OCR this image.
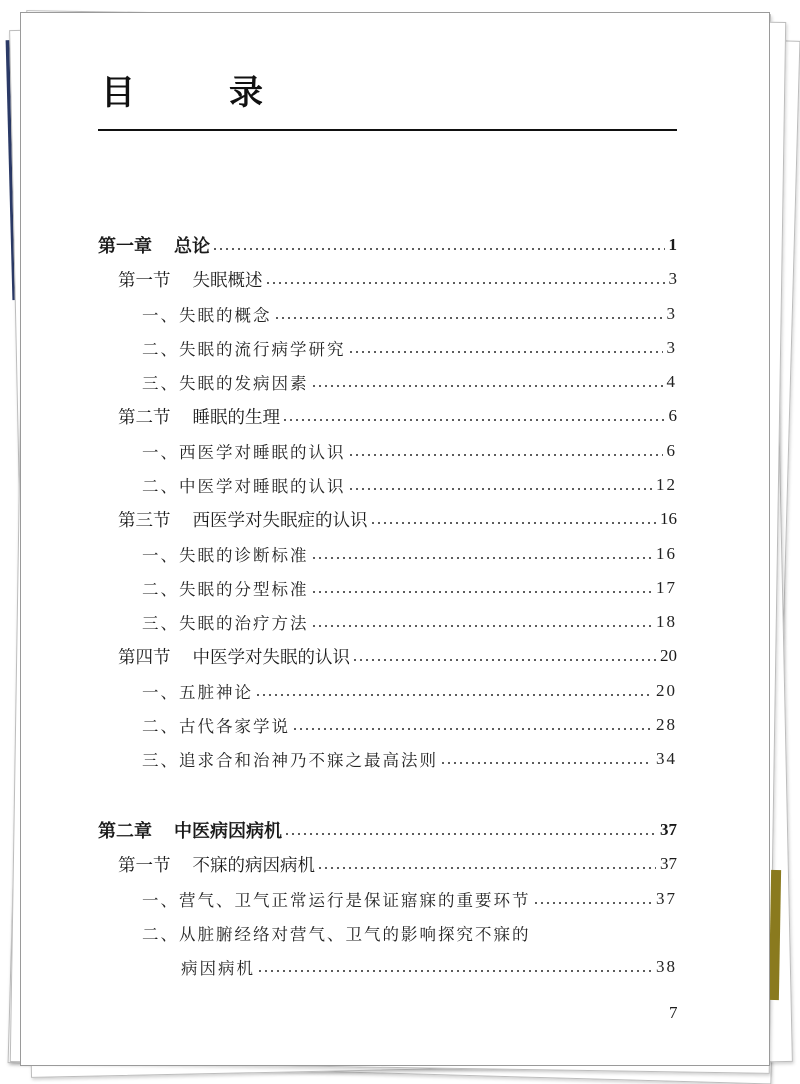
目　录
第一章 总论	1
第一节 失眠概述	3
一、失眠的概念	3
二、失眠的流行病学研究	3
三、失眠的发病因素	4
第二节 睡眠的生理	6
一、西医学对睡眠的认识	6
二、中医学对睡眠的认识	12
第三节 西医学对失眠症的认识	16
一、失眠的诊断标准	16
二、失眠的分型标准	17
三、失眠的治疗方法	18
第四节 中医学对失眠的认识	20
一、五脏神论	20
二、古代各家学说	28
三、追求合和治神乃不寐之最高法则	34
第二章 中医病因病机	37
第一节 不寐的病因病机	37
一、营气、卫气正常运行是保证寤寐的重要环节	37
二、从脏腑经络对营气、卫气的影响探究不寐的
病因病机	38
7
